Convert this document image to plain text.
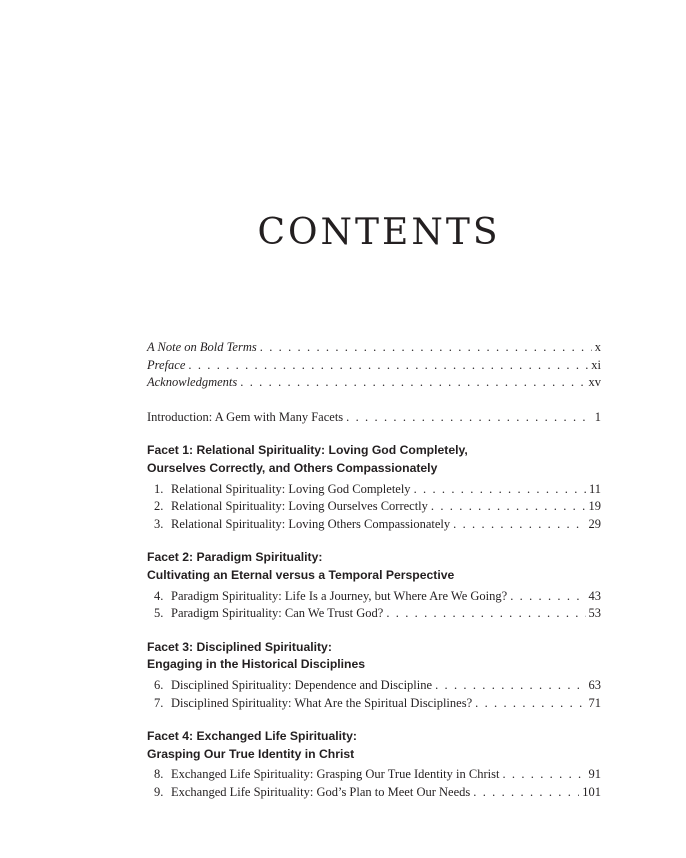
CONTENTS
A Note on Bold Terms . . .	x
Preface . . .	xi
Acknowledgments . . .	xv
Introduction: A Gem with Many Facets . . .	1
Facet 1: Relational Spirituality: Loving God Completely,
Ourselves Correctly, and Others Compassionately
1. Relational Spirituality: Loving God Completely . . .	11
2. Relational Spirituality: Loving Ourselves Correctly . . .	19
3. Relational Spirituality: Loving Others Compassionately . . .	29
Facet 2: Paradigm Spirituality:
Cultivating an Eternal versus a Temporal Perspective
4. Paradigm Spirituality: Life Is a Journey, but Where Are We Going? . . .	43
5. Paradigm Spirituality: Can We Trust God? . . .	53
Facet 3: Disciplined Spirituality:
Engaging in the Historical Disciplines
6. Disciplined Spirituality: Dependence and Discipline . . .	63
7. Disciplined Spirituality: What Are the Spiritual Disciplines? . . .	71
Facet 4: Exchanged Life Spirituality:
Grasping Our True Identity in Christ
8. Exchanged Life Spirituality: Grasping Our True Identity in Christ . . .	91
9. Exchanged Life Spirituality: God’s Plan to Meet Our Needs . . .	101
